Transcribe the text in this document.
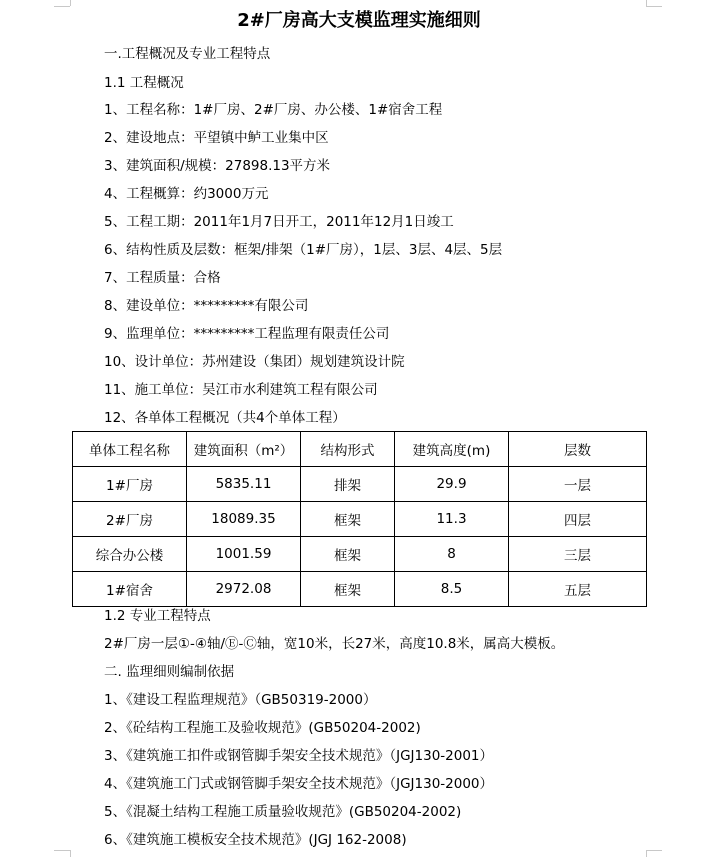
2#厂房高大支模监理实施细则
一.工程概况及专业工程特点
1.1 工程概况
1、工程名称：1#厂房、2#厂房、办公楼、1#宿舍工程
2、建设地点：平望镇中鲈工业集中区
3、建筑面积/规模：27898.13平方米
4、工程概算：约3000万元
5、工程工期：2011年1月7日开工，2011年12月1日竣工
6、结构性质及层数：框架/排架（1#厂房），1层、3层、4层、5层
7、工程质量：合格
8、建设单位：*********有限公司
9、监理单位：*********工程监理有限责任公司
10、设计单位：苏州建设（集团）规划建筑设计院
11、施工单位：吴江市水利建筑工程有限公司
12、各单体工程概况（共4个单体工程）
单体工程名称	建筑面积（m²）	结构形式	建筑高度(m)	层数
1#厂房	5835.11	排架	29.9	一层
2#厂房	18089.35	框架	11.3	四层
综合办公楼	1001.59	框架	8	三层
1#宿舍	2972.08	框架	8.5	五层
1.2 专业工程特点
2#厂房一层①-④轴/Ⓔ-Ⓒ轴，宽10米，长27米，高度10.8米，属高大模板。
二. 监理细则编制依据
1、《建设工程监理规范》（GB50319-2000）
2、《砼结构工程施工及验收规范》(GB50204-2002)
3、《建筑施工扣件或钢管脚手架安全技术规范》（JGJ130-2001）
4、《建筑施工门式或钢管脚手架安全技术规范》（JGJ130-2000）
5、《混凝土结构工程施工质量验收规范》(GB50204-2002)
6、《建筑施工模板安全技术规范》(JGJ 162-2008)
